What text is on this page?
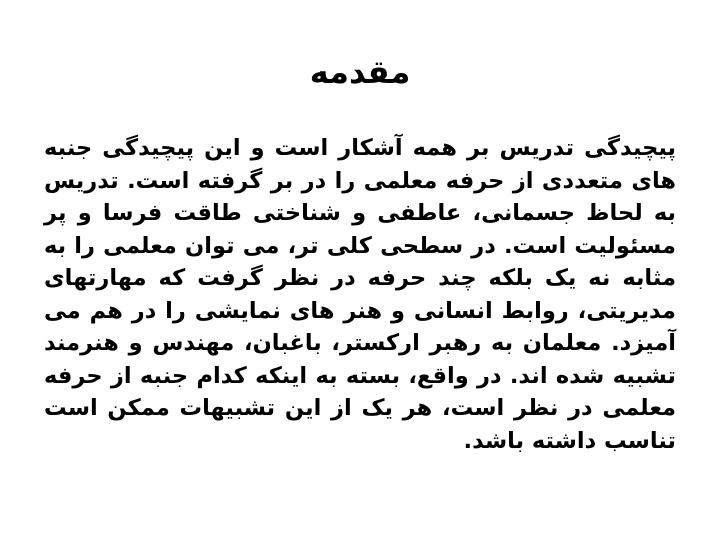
مقدمه

پیچیدگی تدریس بر همه آشکار است و این پیچیدگی جنبه های متعددی از حرفه معلمی را در بر گرفته است. تدریس به لحاظ جسمانی، عاطفی و شناختی طاقت فرسا و پر مسئولیت است. در سطحی کلی تر، می توان معلمی را به مثابه نه یک بلکه چند حرفه در نظر گرفت که مهارتهای مدیریتی، روابط انسانی و هنر های نمایشی را در هم می آمیزد. معلمان به رهبر ارکستر، باغبان، مهندس و هنرمند تشبیه شده اند. در واقع، بسته به اینکه کدام جنبه از حرفه معلمی در نظر است، هر یک از این تشبیهات ممکن است تناسب داشته باشد.
